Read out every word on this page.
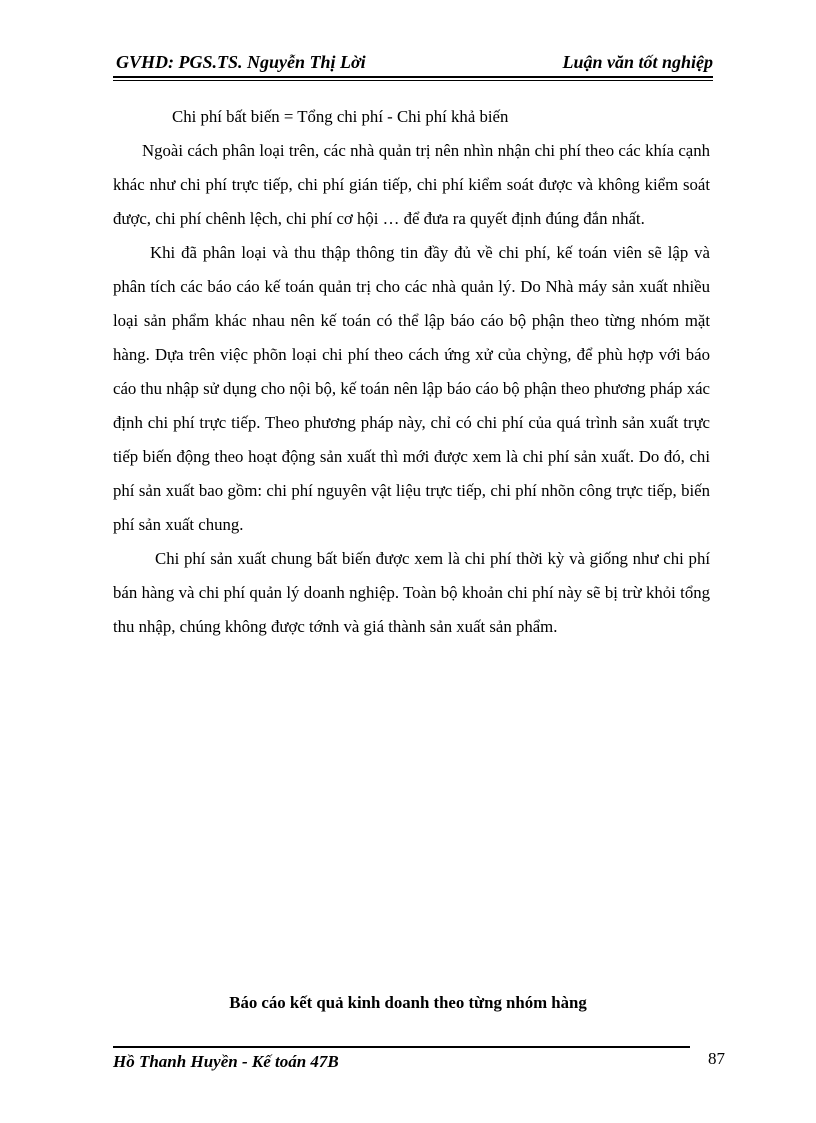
GVHD: PGS.TS. Nguyễn Thị Lời	Luận văn tốt nghiệp

Chi phí bất biến = Tổng chi phí - Chi phí khả biến

Ngoài cách phân loại trên, các nhà quản trị nên nhìn nhận chi phí theo các khía cạnh khác như chi phí trực tiếp, chi phí gián tiếp, chi phí kiểm soát được và không kiểm soát được, chi phí chênh lệch, chi phí cơ hội … để đưa ra quyết định đúng đắn nhất.

Khi đã phân loại và thu thập thông tin đầy đủ về chi phí, kế toán viên sẽ lập và phân tích các báo cáo kế toán quản trị cho các nhà quản lý. Do Nhà máy sản xuất nhiều loại sản phẩm khác nhau nên kế toán có thể lập báo cáo bộ phận theo từng nhóm mặt hàng. Dựa trên việc phõn loại chi phí theo cách ứng xử của chỳng, để phù hợp với báo cáo thu nhập sử dụng cho nội bộ, kế toán nên lập báo cáo bộ phận theo phương pháp xác định chi phí trực tiếp. Theo phương pháp này, chỉ có chi phí của quá trình sản xuất trực tiếp biến động theo hoạt động sản xuất thì mới được xem là chi phí sản xuất. Do đó, chi phí sản xuất bao gồm: chi phí nguyên vật liệu trực tiếp, chi phí nhõn công trực tiếp, biến phí sản xuất chung.

Chi phí sản xuất chung bất biến được xem là chi phí thời kỳ và giống như chi phí bán hàng và chi phí quản lý doanh nghiệp. Toàn bộ khoản chi phí này sẽ bị trừ khỏi tổng thu nhập, chúng không được tớnh và giá thành sản xuất sản phẩm.

Báo cáo kết quả kinh doanh theo từng nhóm hàng
Hồ Thanh Huyền - Kế toán 47B	87
